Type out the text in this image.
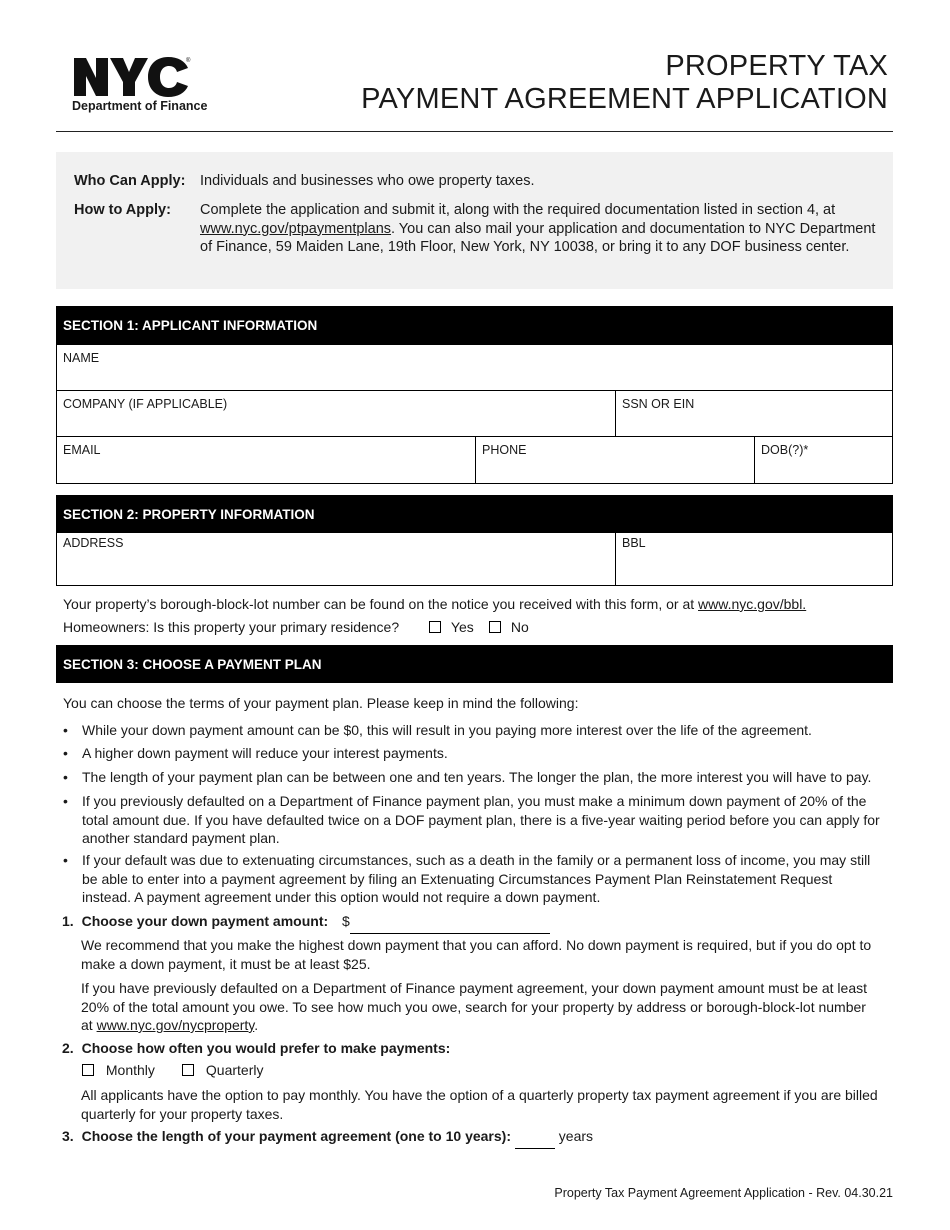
®
Department of Finance
PROPERTY TAX
PAYMENT AGREEMENT APPLICATION
Who Can Apply: Individuals and businesses who owe property taxes.
How to Apply: Complete the application and submit it, along with the required documentation listed in section 4, at www.nyc.gov/ptpaymentplans. You can also mail your application and documentation to NYC Department of Finance, 59 Maiden Lane, 19th Floor, New York, NY 10038, or bring it to any DOF business center.
SECTION 1: APPLICANT INFORMATION
NAME
COMPANY (IF APPLICABLE)	SSN OR EIN
EMAIL	PHONE	DOB(?)*
SECTION 2: PROPERTY INFORMATION
ADDRESS	BBL
Your property’s borough-block-lot number can be found on the notice you received with this form, or at www.nyc.gov/bbl.
Homeowners: Is this property your primary residence?	Yes	No
SECTION 3: CHOOSE A PAYMENT PLAN
You can choose the terms of your payment plan. Please keep in mind the following:
• While your down payment amount can be $0, this will result in you paying more interest over the life of the agreement.
• A higher down payment will reduce your interest payments.
• The length of your payment plan can be between one and ten years. The longer the plan, the more interest you will have to pay.
• If you previously defaulted on a Department of Finance payment plan, you must make a minimum down payment of 20% of the total amount due. If you have defaulted twice on a DOF payment plan, there is a five-year waiting period before you can apply for another standard payment plan.
• If your default was due to extenuating circumstances, such as a death in the family or a permanent loss of income, you may still be able to enter into a payment agreement by filing an Extenuating Circumstances Payment Plan Reinstatement Request instead. A payment agreement under this option would not require a down payment.
1. Choose your down payment amount: $
We recommend that you make the highest down payment that you can afford. No down payment is required, but if you do opt to make a down payment, it must be at least $25.
If you have previously defaulted on a Department of Finance payment agreement, your down payment amount must be at least 20% of the total amount you owe. To see how much you owe, search for your property by address or borough-block-lot number at www.nyc.gov/nycproperty.
2. Choose how often you would prefer to make payments:
Monthly	Quarterly
All applicants have the option to pay monthly. You have the option of a quarterly property tax payment agreement if you are billed quarterly for your property taxes.
3. Choose the length of your payment agreement (one to 10 years):	years
Property Tax Payment Agreement Application - Rev. 04.30.21
